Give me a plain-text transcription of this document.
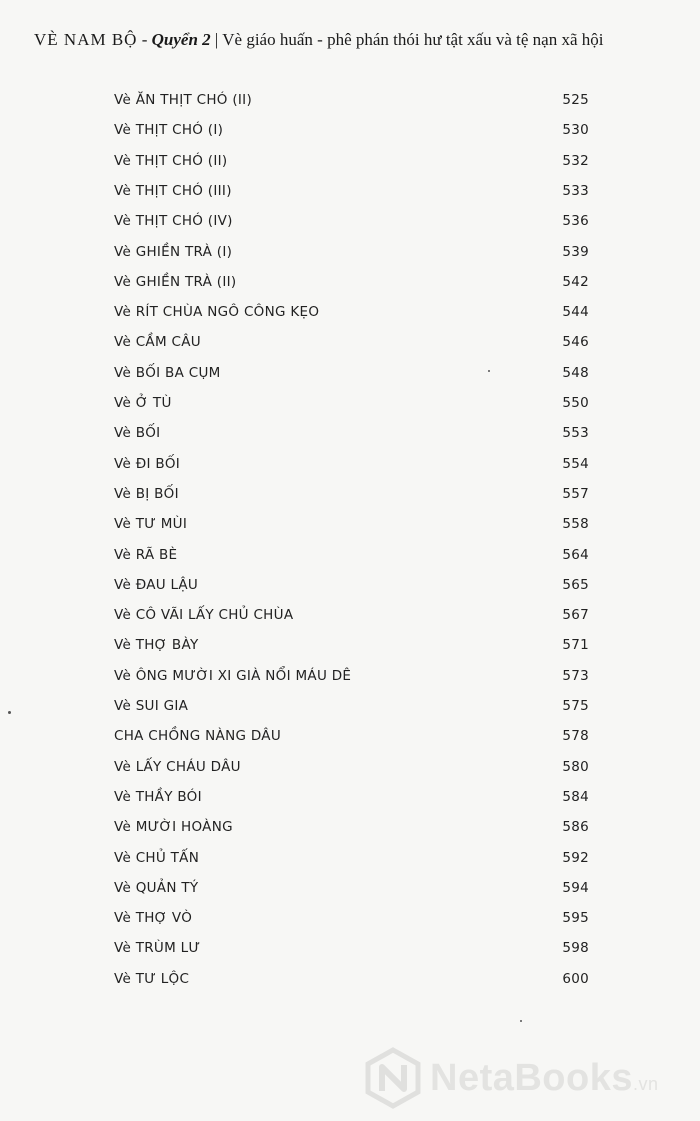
VÈ NAM BỘ - Quyển 2 | Vè giáo huấn - phê phán thói hư tật xấu và tệ nạn xã hội

Vè ĂN THỊT CHÓ (II)	525
Vè THỊT CHÓ (I)	530
Vè THỊT CHÓ (II)	532
Vè THỊT CHÓ (III)	533
Vè THỊT CHÓ (IV)	536
Vè GHIỀN TRÀ (I)	539
Vè GHIỀN TRÀ (II)	542
Vè RÍT CHÙA NGÔ CÔNG KẸO	544
Vè CẦM CÂU	546
Vè BỐI BA CỤM	548
Vè Ở TÙ	550
Vè BỐI	553
Vè ĐI BỐI	554
Vè BỊ BỐI	557
Vè TƯ MÙI	558
Vè RÃ BÈ	564
Vè ĐAU LẬU	565
Vè CÔ VÃI LẤY CHỦ CHÙA	567
Vè THỢ BÀY	571
Vè ÔNG MƯỜI XI GIÀ NỔI MÁU DÊ	573
Vè SUI GIA	575
CHA CHỒNG NÀNG DÂU	578
Vè LẤY CHÁU DÂU	580
Vè THẦY BÓI	584
Vè MƯỜI HOÀNG	586
Vè CHỦ TẤN	592
Vè QUẢN TÝ	594
Vè THỢ VÒ	595
Vè TRÙM LƯ	598
Vè TƯ LỘC	600
NetaBooks.vn
